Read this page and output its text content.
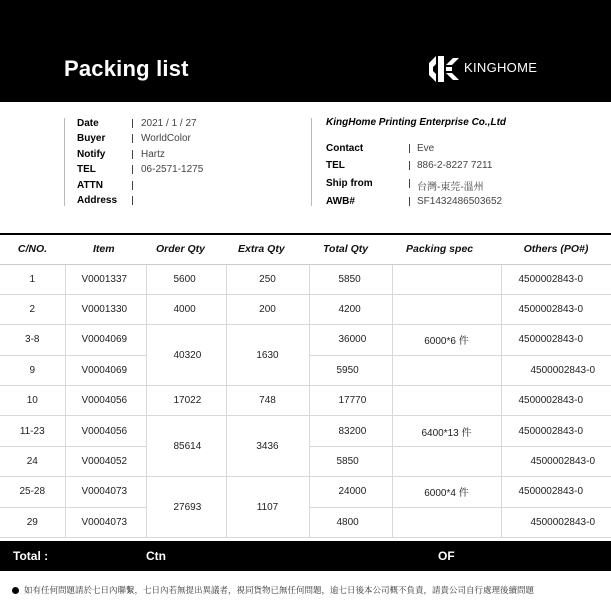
Packing list	KINGHOME
Date	2021 / 1 / 27
Buyer	WorldColor
Notify	Hartz
TEL	06-2571-1275
ATTN
Address
KingHome Printing Enterprise Co.,Ltd
Contact	Eve
TEL	886-2-8227 7211
Ship from	台灣-東莞-溫州
AWB#	SF1432486503652
C/NO.	Item	Order Qty	Extra Qty	Total Qty	Packing spec	Others (PO#)
1	V0001337	5600	250	5850		4500002843-0
2	V0001330	4000	200	4200		4500002843-0
3-8	V0004069	40320	1630	36000	6000*6 件	4500002843-0
9	V0004069			5950		4500002843-0
10	V0004056	17022	748	17770		4500002843-0
11-23	V0004056	85614	3436	83200	6400*13 件	4500002843-0
24	V0004052			5850		4500002843-0
25-28	V0004073	27693	1107	24000	6000*4 件	4500002843-0
29	V0004073			4800		4500002843-0
Total :	Ctn	OF
如有任何問題請於七日內聯繫，七日內若無提出異議者，視同貨物已無任何問題，逾七日後本公司概不負責，請貴公司自行處理後續問題
